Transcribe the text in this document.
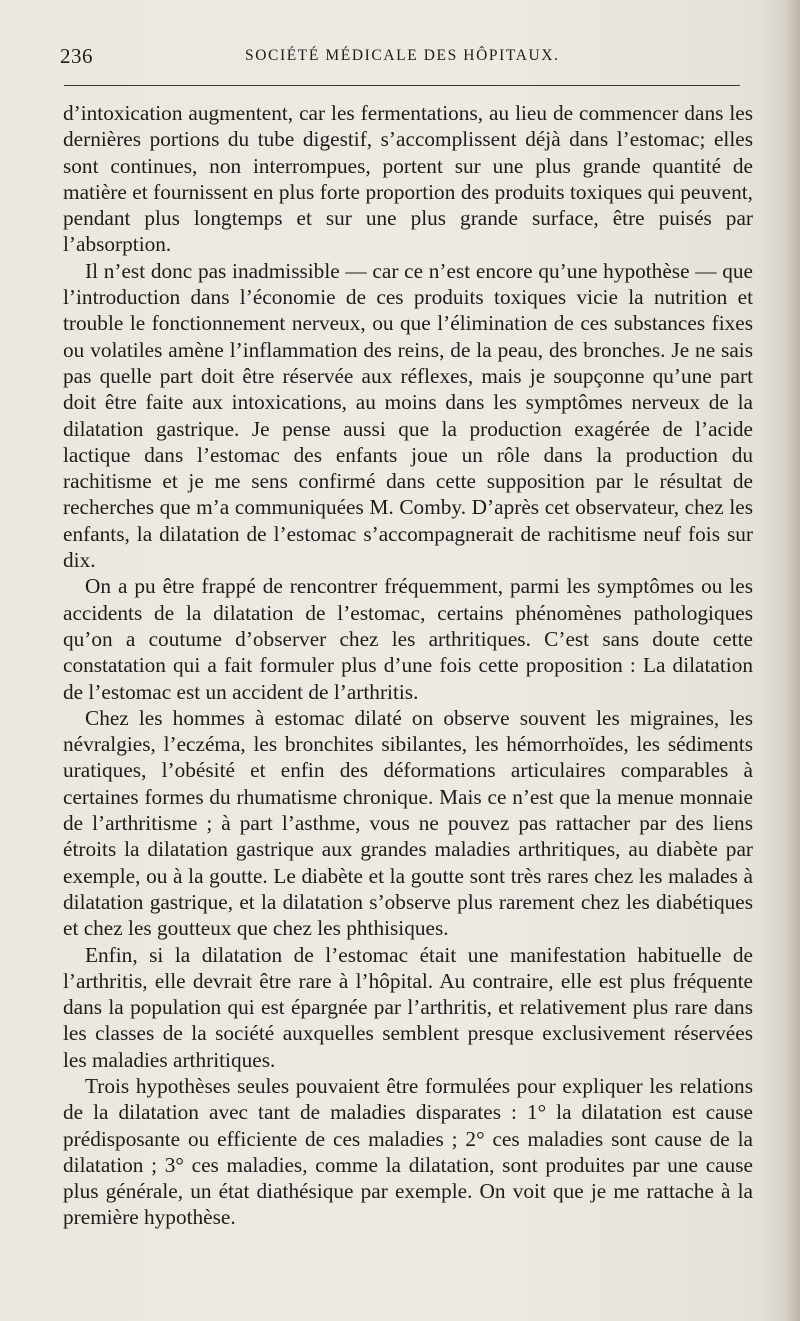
236	SOCIÉTÉ MÉDICALE DES HÔPITAUX.

d’intoxication augmentent, car les fermentations, au lieu de commencer dans les dernières portions du tube digestif, s’accomplissent déjà dans l’estomac; elles sont continues, non interrompues, portent sur une plus grande quantité de matière et fournissent en plus forte proportion des produits toxiques qui peuvent, pendant plus longtemps et sur une plus grande surface, être puisés par l’absorption.

Il n’est donc pas inadmissible — car ce n’est encore qu’une hypothèse — que l’introduction dans l’économie de ces produits toxiques vicie la nutrition et trouble le fonctionnement nerveux, ou que l’élimination de ces substances fixes ou volatiles amène l’inflammation des reins, de la peau, des bronches. Je ne sais pas quelle part doit être réservée aux réflexes, mais je soupçonne qu’une part doit être faite aux intoxications, au moins dans les symptômes nerveux de la dilatation gastrique. Je pense aussi que la production exagérée de l’acide lactique dans l’estomac des enfants joue un rôle dans la production du rachitisme et je me sens confirmé dans cette supposition par le résultat de recherches que m’a communiquées M. Comby. D’après cet observateur, chez les enfants, la dilatation de l’estomac s’accompagnerait de rachitisme neuf fois sur dix.

On a pu être frappé de rencontrer fréquemment, parmi les symptômes ou les accidents de la dilatation de l’estomac, certains phénomènes pathologiques qu’on a coutume d’observer chez les arthritiques. C’est sans doute cette constatation qui a fait formuler plus d’une fois cette proposition : La dilatation de l’estomac est un accident de l’arthritis.

Chez les hommes à estomac dilaté on observe souvent les migraines, les névralgies, l’eczéma, les bronchites sibilantes, les hémorrhoïdes, les sédiments uratiques, l’obésité et enfin des déformations articulaires comparables à certaines formes du rhumatisme chronique. Mais ce n’est que la menue monnaie de l’arthritisme ; à part l’asthme, vous ne pouvez pas rattacher par des liens étroits la dilatation gastrique aux grandes maladies arthritiques, au diabète par exemple, ou à la goutte. Le diabète et la goutte sont très rares chez les malades à dilatation gastrique, et la dilatation s’observe plus rarement chez les diabétiques et chez les goutteux que chez les phthisiques.

Enfin, si la dilatation de l’estomac était une manifestation habituelle de l’arthritis, elle devrait être rare à l’hôpital. Au contraire, elle est plus fréquente dans la population qui est épargnée par l’arthritis, et relativement plus rare dans les classes de la société auxquelles semblent presque exclusivement réservées les maladies arthritiques.

Trois hypothèses seules pouvaient être formulées pour expliquer les relations de la dilatation avec tant de maladies disparates : 1° la dilatation est cause prédisposante ou efficiente de ces maladies ; 2° ces maladies sont cause de la dilatation ; 3° ces maladies, comme la dilatation, sont produites par une cause plus générale, un état diathésique par exemple. On voit que je me rattache à la première hypothèse.
